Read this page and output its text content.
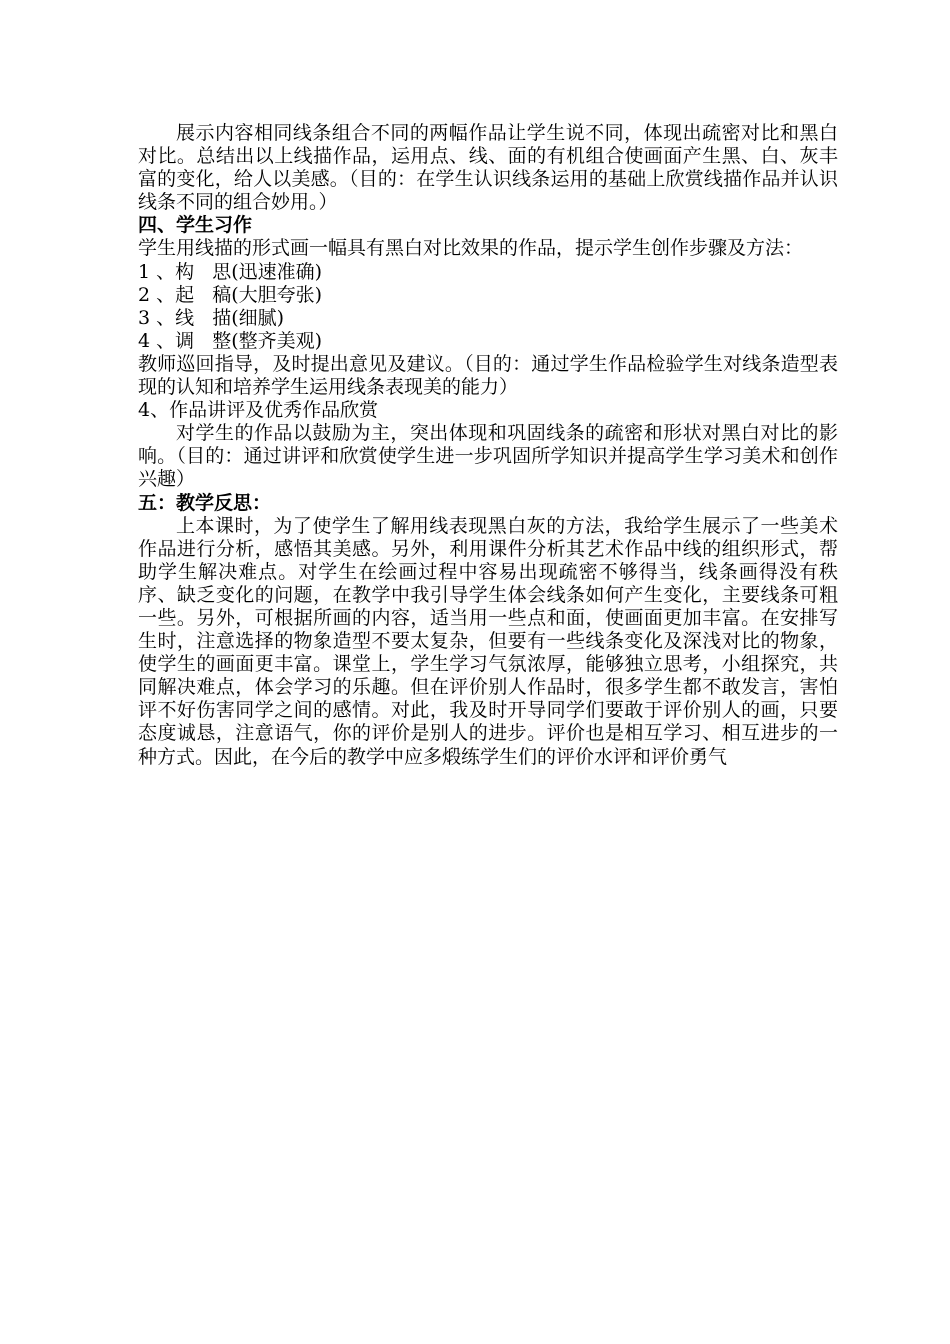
展示内容相同线条组合不同的两幅作品让学生说不同，体现出疏密对比和黑白对比。总结出以上线描作品，运用点、线、面的有机组合使画面产生黑、白、灰丰富的变化，给人以美感。（目的：在学生认识线条运用的基础上欣赏线描作品并认识线条不同的组合妙用。）

四、学生习作

学生用线描的形式画一幅具有黑白对比效果的作品，提示学生创作步骤及方法：

1 、构   思(迅速准确)

2 、起   稿(大胆夸张)

3 、线   描(细腻)

4 、调   整(整齐美观)

教师巡回指导，及时提出意见及建议。（目的：通过学生作品检验学生对线条造型表现的认知和培养学生运用线条表现美的能力）

4、作品讲评及优秀作品欣赏

对学生的作品以鼓励为主，突出体现和巩固线条的疏密和形状对黑白对比的影响。（目的：通过讲评和欣赏使学生进一步巩固所学知识并提高学生学习美术和创作兴趣）

五：教学反思：

上本课时，为了使学生了解用线表现黑白灰的方法，我给学生展示了一些美术作品进行分析，感悟其美感。另外，利用课件分析其艺术作品中线的组织形式，帮助学生解决难点。对学生在绘画过程中容易出现疏密不够得当，线条画得没有秩序、缺乏变化的问题，在教学中我引导学生体会线条如何产生变化，主要线条可粗一些。另外，可根据所画的内容，适当用一些点和面，使画面更加丰富。在安排写生时，注意选择的物象造型不要太复杂，但要有一些线条变化及深浅对比的物象，使学生的画面更丰富。课堂上，学生学习气氛浓厚，能够独立思考，小组探究，共同解决难点，体会学习的乐趣。但在评价别人作品时，很多学生都不敢发言，害怕评不好伤害同学之间的感情。对此，我及时开导同学们要敢于评价别人的画，只要态度诚恳，注意语气，你的评价是别人的进步。评价也是相互学习、相互进步的一种方式。因此，在今后的教学中应多煅练学生们的评价水评和评价勇气
